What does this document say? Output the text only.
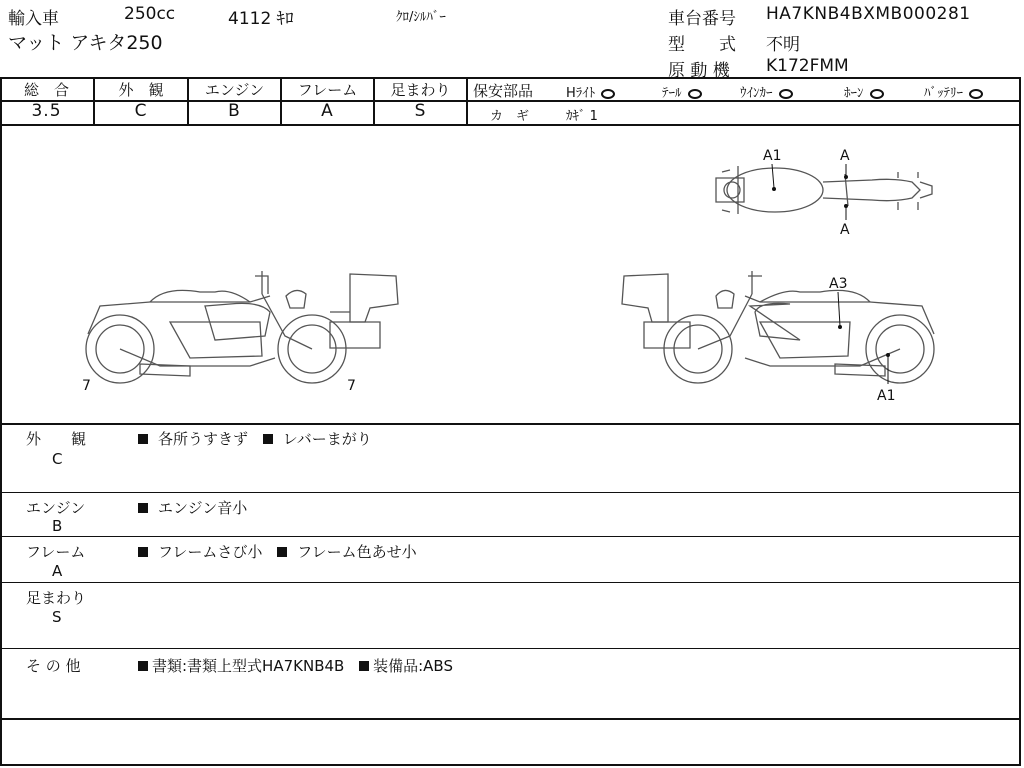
輸入車	250cc	4112 ｷﾛ	ｸﾛ/ｼﾙﾊﾞｰ
マット アキタ250
車台番号 HA7KNB4BXMB000281
型　　式 不明
原 動 機 K172FMM
総　合
3.5
外　観
C
エンジン
B
フレーム
A
足まわり
S
保安部品	Hﾗｲﾄ	ﾃｰﾙ	ｳｲﾝｶｰ	ﾎｰﾝ	ﾊﾞｯﾃﾘｰ
カ　ギ	ｶｷﾞ 1
A1	A
A
A3
A1
7	7
外　　観
C
各所うすきず レバーまがり
エンジン
B
エンジン音小
フレーム
A
フレームさび小 フレーム色あせ小
足まわり
S
そ の 他	書類:書類上型式HA7KNB4B 装備品:ABS
